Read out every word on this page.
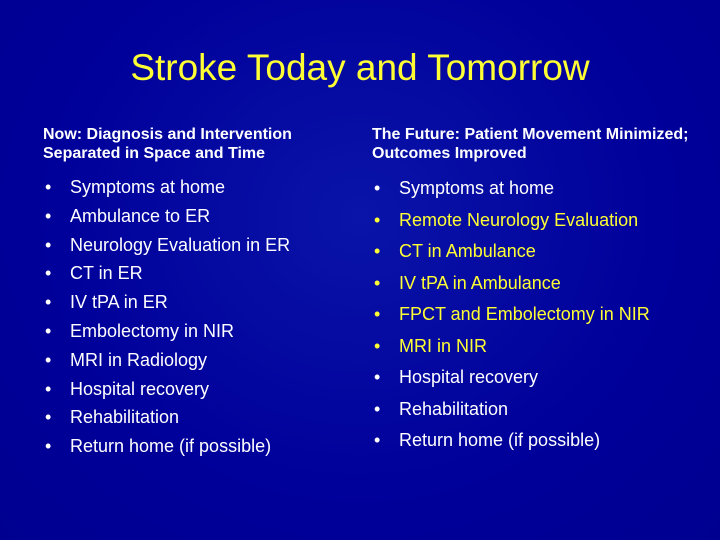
Stroke Today and Tomorrow
Now: Diagnosis and Intervention Separated in Space and Time
• Symptoms at home
• Ambulance to ER
• Neurology Evaluation in ER
• CT in ER
• IV tPA in ER
• Embolectomy in NIR
• MRI in Radiology
• Hospital recovery
• Rehabilitation
• Return home (if possible)
The Future: Patient Movement Minimized; Outcomes Improved
• Symptoms at home
• Remote Neurology Evaluation
• CT in Ambulance
• IV tPA in Ambulance
• FPCT and Embolectomy in NIR
• MRI in NIR
• Hospital recovery
• Rehabilitation
• Return home (if possible)
